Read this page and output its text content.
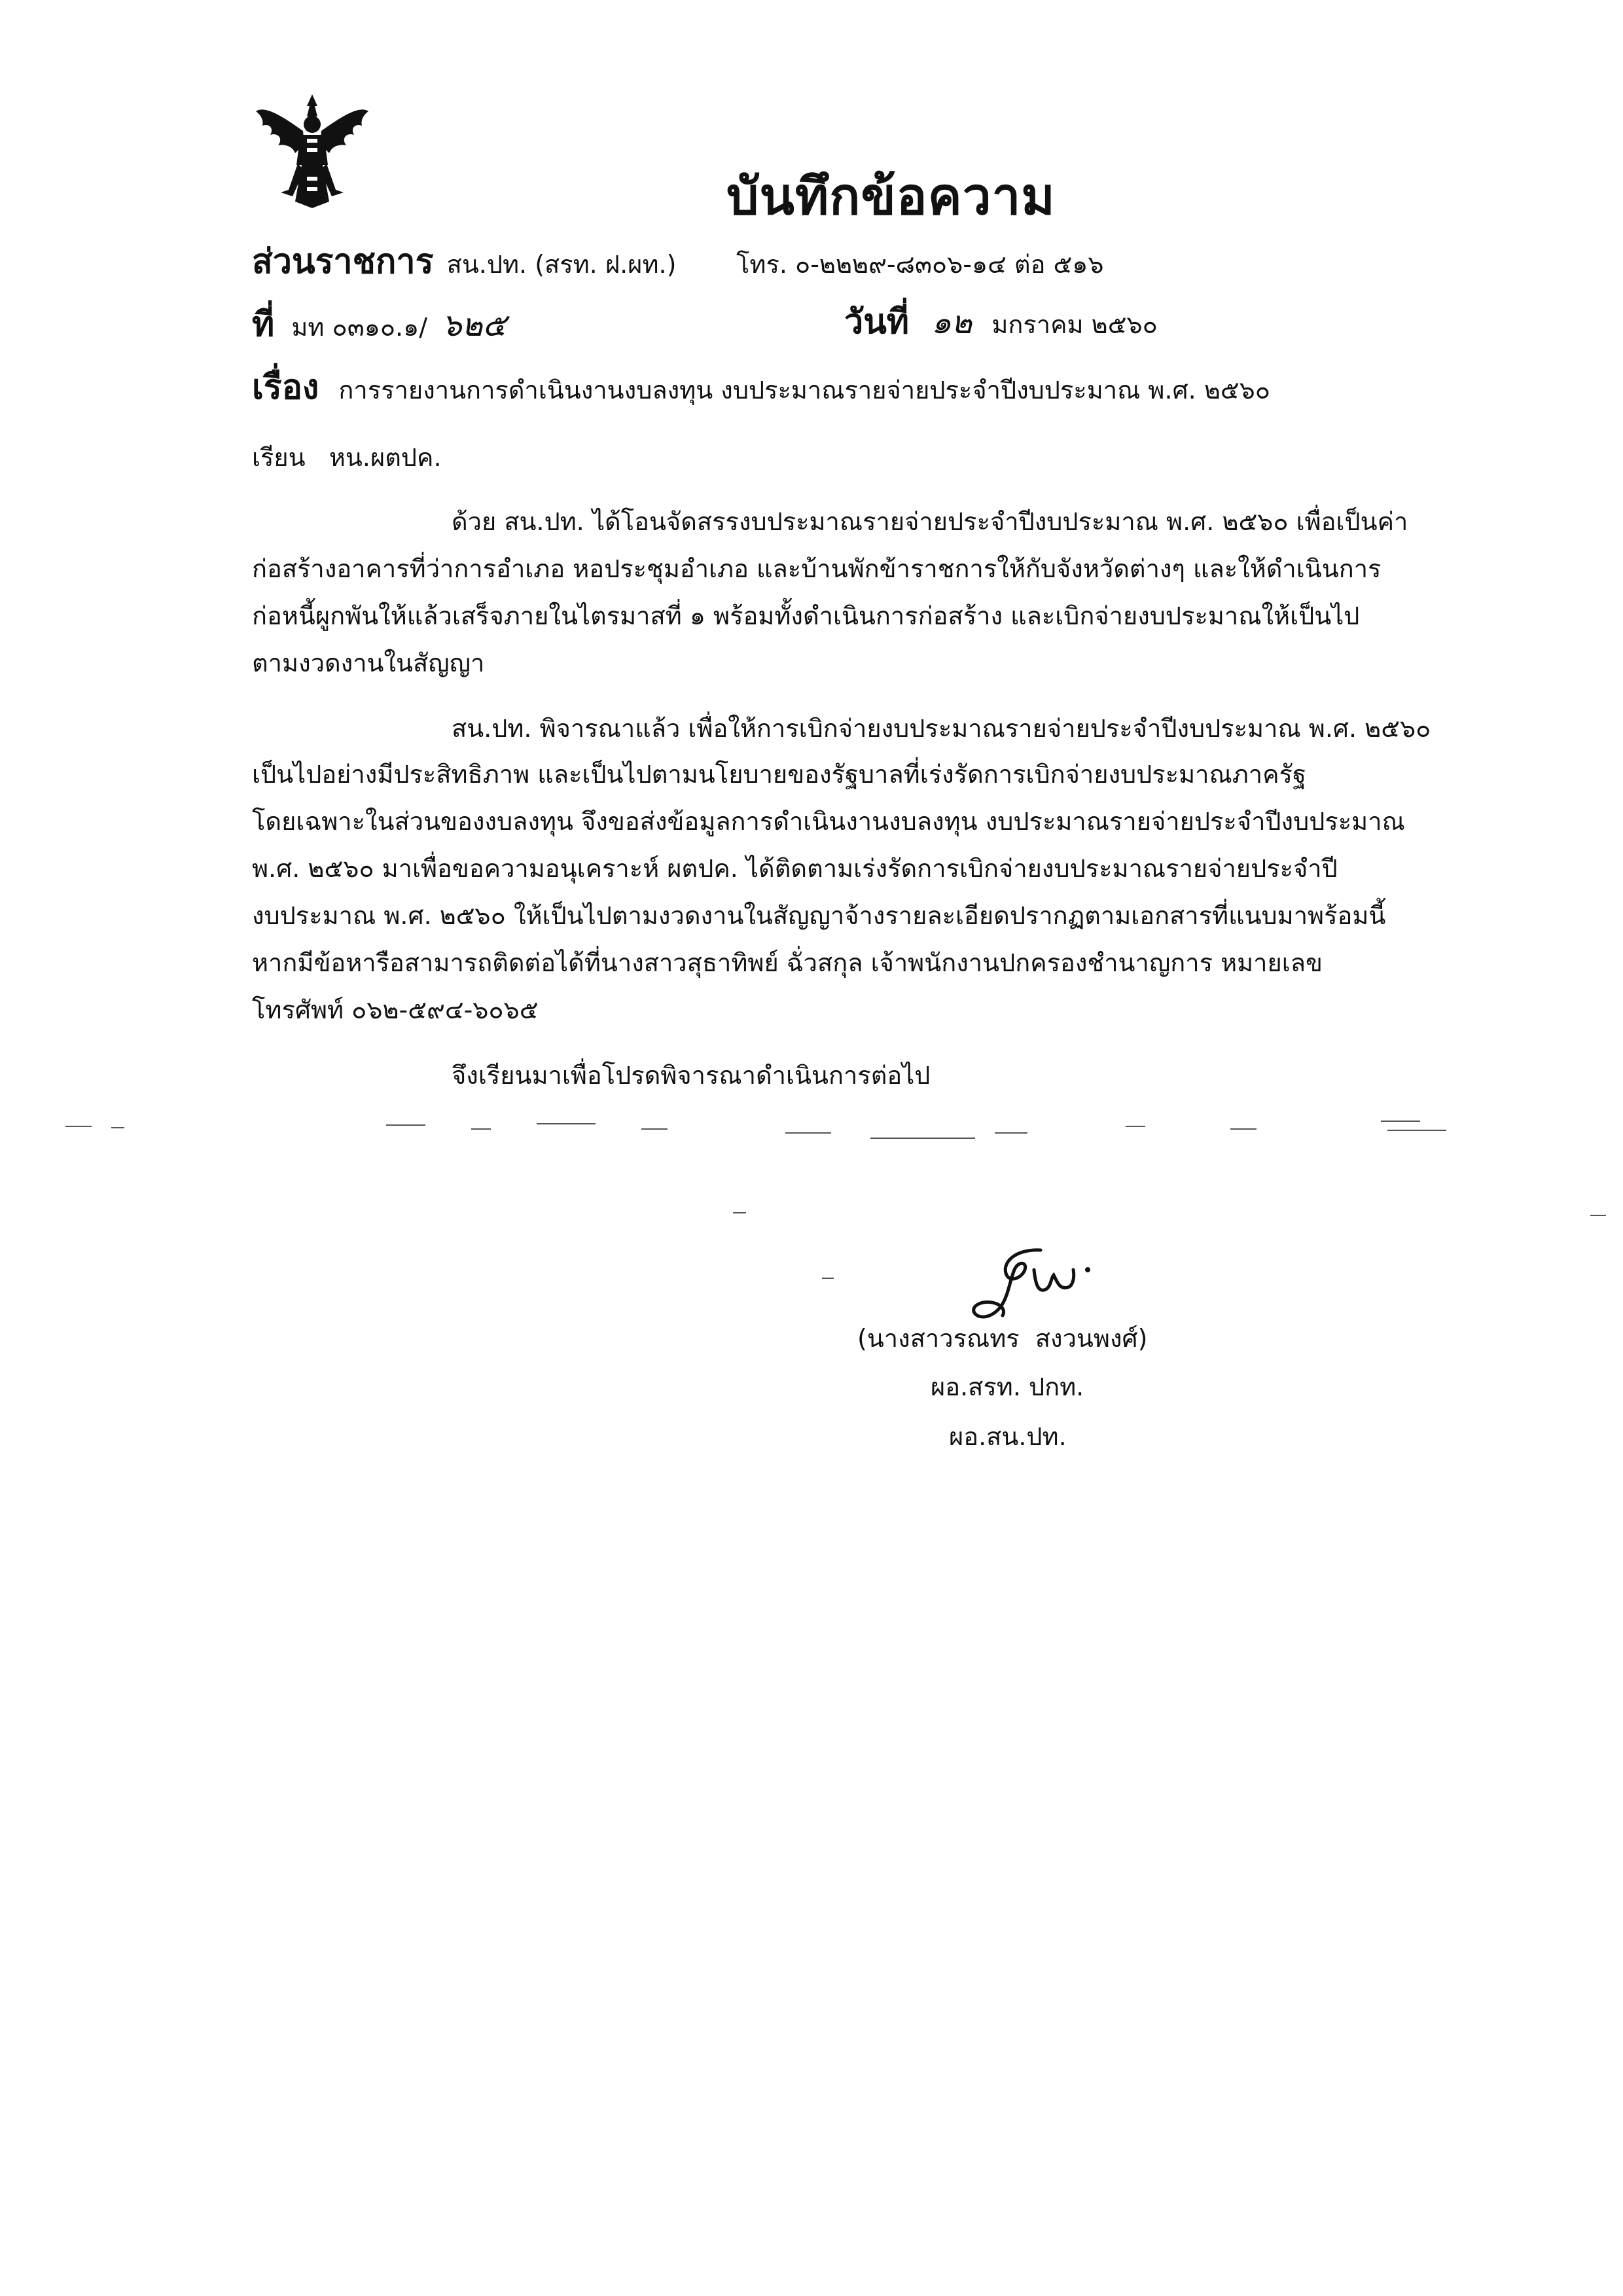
บันทึกข้อความ
ส่วนราชการ สน.ปท. (สรท. ฝ.ผท.) โทร. ๐-๒๒๒๙-๘๓๐๖-๑๔ ต่อ ๕๑๖
ที่ มท ๐๓๑๐.๑/ ๖๒๕	วันที่ ๑๒ มกราคม ๒๕๖๐
เรื่อง การรายงานการดำเนินงานงบลงทุน งบประมาณรายจ่ายประจำปีงบประมาณ พ.ศ. ๒๕๖๐
เรียน   หน.ผตปค.
ด้วย สน.ปท. ได้โอนจัดสรรงบประมาณรายจ่ายประจำปีงบประมาณ พ.ศ. ๒๕๖๐ เพื่อเป็นค่า
ก่อสร้างอาคารที่ว่าการอำเภอ หอประชุมอำเภอ และบ้านพักข้าราชการให้กับจังหวัดต่างๆ และให้ดำเนินการ
ก่อหนี้ผูกพันให้แล้วเสร็จภายในไตรมาสที่ ๑ พร้อมทั้งดำเนินการก่อสร้าง และเบิกจ่ายงบประมาณให้เป็นไป
ตามงวดงานในสัญญา
สน.ปท. พิจารณาแล้ว เพื่อให้การเบิกจ่ายงบประมาณรายจ่ายประจำปีงบประมาณ พ.ศ. ๒๕๖๐
เป็นไปอย่างมีประสิทธิภาพ และเป็นไปตามนโยบายของรัฐบาลที่เร่งรัดการเบิกจ่ายงบประมาณภาครัฐ
โดยเฉพาะในส่วนของงบลงทุน จึงขอส่งข้อมูลการดำเนินงานงบลงทุน งบประมาณรายจ่ายประจำปีงบประมาณ
พ.ศ. ๒๕๖๐ มาเพื่อขอความอนุเคราะห์ ผตปค. ได้ติดตามเร่งรัดการเบิกจ่ายงบประมาณรายจ่ายประจำปี
งบประมาณ พ.ศ. ๒๕๖๐ ให้เป็นไปตามงวดงานในสัญญาจ้างรายละเอียดปรากฏตามเอกสารที่แนบมาพร้อมนี้
หากมีข้อหารือสามารถติดต่อได้ที่นางสาวสุธาทิพย์ ฉั่วสกุล เจ้าพนักงานปกครองชำนาญการ หมายเลข
โทรศัพท์ ๐๖๒-๕๙๔-๖๐๖๕
จึงเรียนมาเพื่อโปรดพิจารณาดำเนินการต่อไป
(นางสาวรณทร  สงวนพงศ์)
ผอ.สรท. ปกท.
ผอ.สน.ปท.
